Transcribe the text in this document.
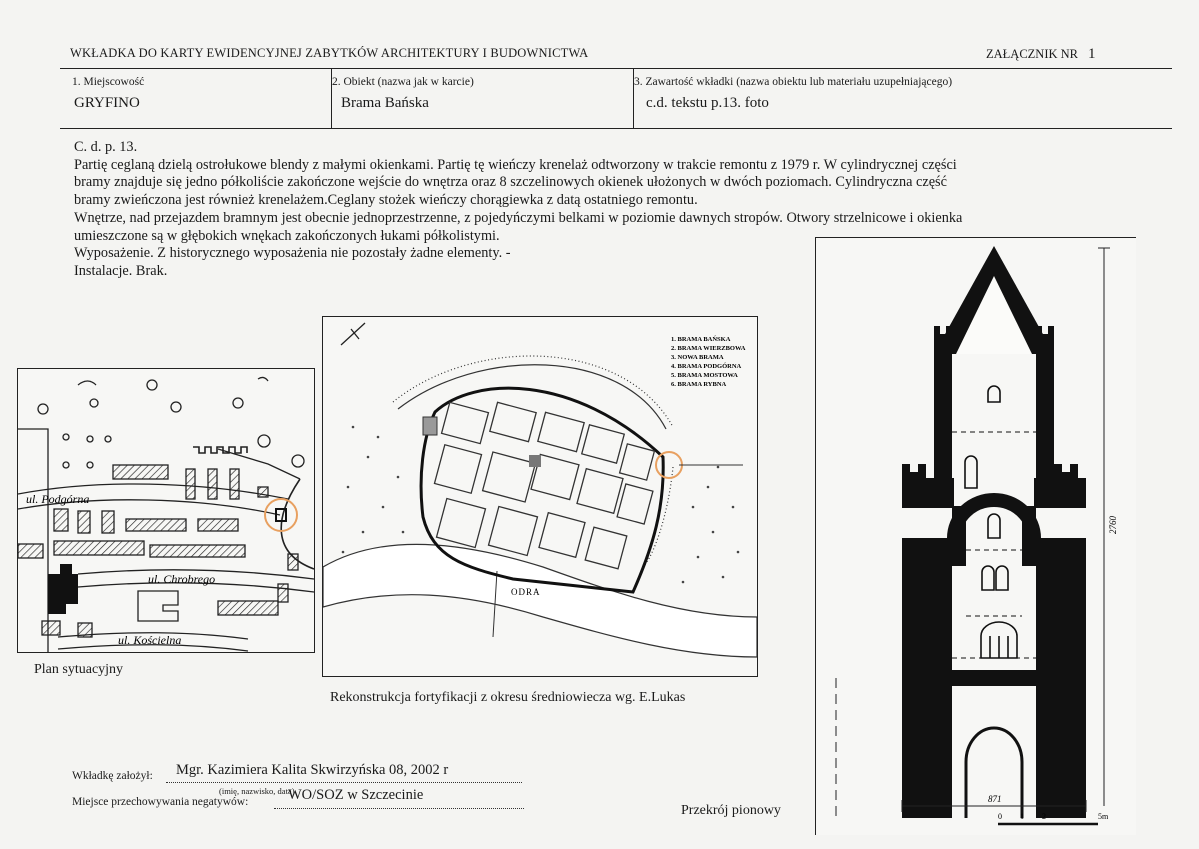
WKŁADKA DO KARTY EWIDENCYJNEJ ZABYTKÓW ARCHITEKTURY I BUDOWNICTWA	ZAŁĄCZNIK NR 1
1. Miejscowość
GRYFINO
2. Obiekt (nazwa jak w karcie)
Brama Bańska
3. Zawartość wkładki (nazwa obiektu lub materiału uzupełniającego)
c.d. tekstu p.13. foto

C. d. p. 13.

Partię ceglaną dzielą ostrołukowe blendy z małymi okienkami. Partię tę wieńczy krenelaż odtworzony w trakcie remontu z 1979 r. W cylindrycznej części

bramy znajduje się jedno półkoliście zakończone wejście do wnętrza oraz 8 szczelinowych okienek ułożonych w dwóch poziomach. Cylindryczna część

bramy zwieńczona jest również krenelażem.Ceglany stożek wieńczy chorągiewka z datą ostatniego remontu.

Wnętrze, nad przejazdem bramnym jest obecnie jednoprzestrzenne, z pojedyńczymi belkami w poziomie dawnych stropów. Otwory strzelnicowe i okienka

umieszczone są w głębokich wnękach zakończonych łukami półkolistymi.

Wyposażenie. Z historycznego wyposażenia nie pozostały żadne elementy. -

Instalacje. Brak.

ul. Podgórna
ul. Chrobrego
ul. Kościelna
Plan sytuacyjny
ODRA
1. BRAMA BAŃSKA
2. BRAMA WIERZBOWA
3. NOWA BRAMA
4. BRAMA PODGÓRNA
5. BRAMA MOSTOWA
6. BRAMA RYBNA
Rekonstrukcja fortyfikacji z okresu średniowiecza wg. E.Lukas
2760
871
0 1 2	5m
Przekrój pionowy
Wkładkę założył: Mgr. Kazimiera Kalita Skwirzyńska 08, 2002 r
(imię, nazwisko, data)
Miejsce przechowywania negatywów:	WO/SOZ w Szczecinie
